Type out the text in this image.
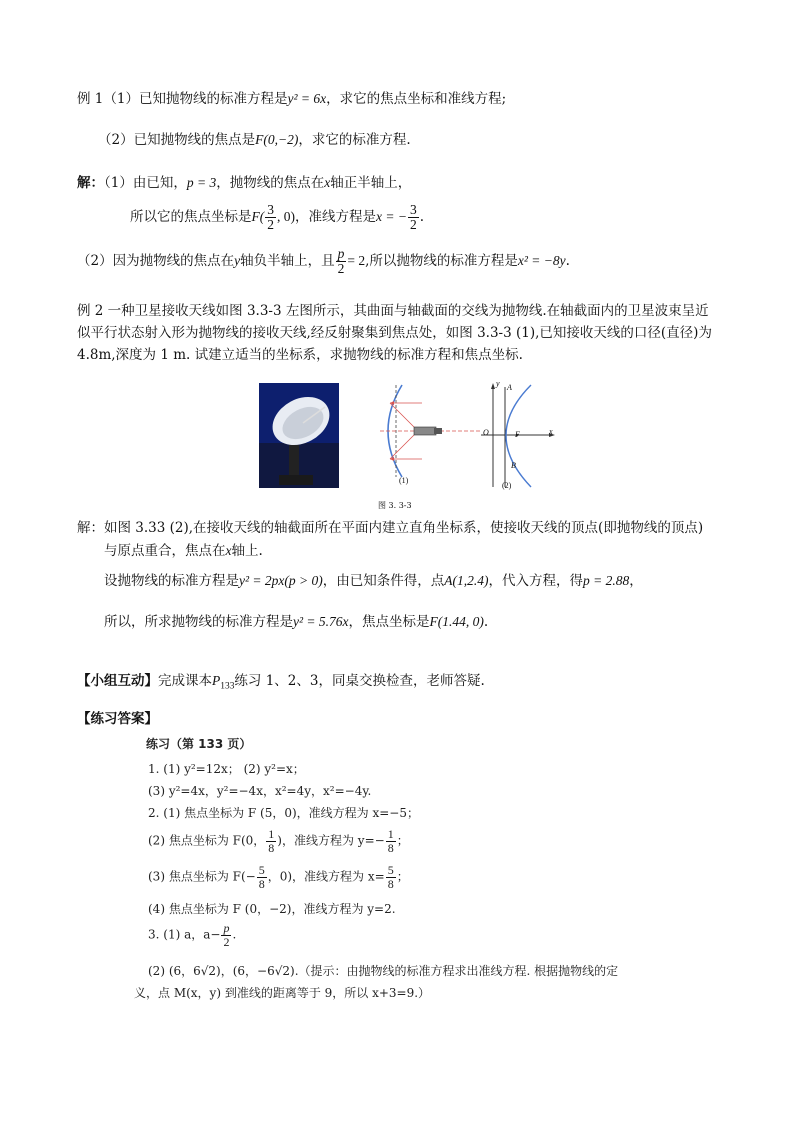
例 1（1）已知抛物线的标准方程是y² = 6x，求它的焦点坐标和准线方程;
（2）已知抛物线的焦点是F(0,−2)，求它的标准方程.
解：（1）由已知，p = 3，抛物线的焦点在x轴正半轴上，
所以它的焦点坐标是$F( \frac{3}{2}$ , 0)，准线方程是x = − $\frac{3}{2}$ .
（2）因为抛物线的焦点在y轴负半轴上，且 $\frac{p}{2} = 2$,所以抛物线的标准方程是x² = −8y.
例 2 一种卫星接收天线如图 3.3-3 左图所示，其曲面与轴截面的交线为抛物线.在轴截面内的卫星波束呈近似平行状态射入形为抛物线的接收天线,经反射聚集到焦点处，如图 3.3-3 (1),已知接收天线的口径(直径)为 4.8m,深度为 1 m. 试建立适当的坐标系，求抛物线的标准方程和焦点坐标.
(1)
y A
O	F	x
B
(2)
图 3. 3-3
解：如图 3.33 (2),在接收天线的轴截面所在平面内建立直角坐标系，使接收天线的顶点(即抛物线的顶点)
与原点重合，焦点在x轴上.
设抛物线的标准方程是y² = 2px(p > 0)，由已知条件得，点A(1,2.4)，代入方程，得p = 2.88，
所以，所求抛物线的标准方程是y² = 5.76x，焦点坐标是F(1.44, 0).
【小组互动】完成课本$P_{133}$练习 1、2、3，同桌交换检查，老师答疑.
【练习答案】
练习（第 133 页）
1. (1) y²=12x； (2) y²=x；
(3) y²=4x，y²=−4x，x²=4y，x²=−4y.
2. (1) 焦点坐标为 F (5，0)，准线方程为 x=−5；
(2) 焦点坐标为 F(0， $\frac{1}{8}$ )，准线方程为 $y=- \frac{1}{8}$ ；
(3) 焦点坐标为 $F(- \frac{5}{8}$ ，0)，准线方程为 $x= \frac{5}{8}$ ；
(4) 焦点坐标为 F (0，−2)，准线方程为 y=2.
3. (1) a，$a- \frac{p}{2}$ .
(2) (6，6√2)，(6，−6√2).（提示：由抛物线的标准方程求出准线方程. 根据抛物线的定
义，点 M(x，y) 到准线的距离等于 9，所以 x+3=9.）
